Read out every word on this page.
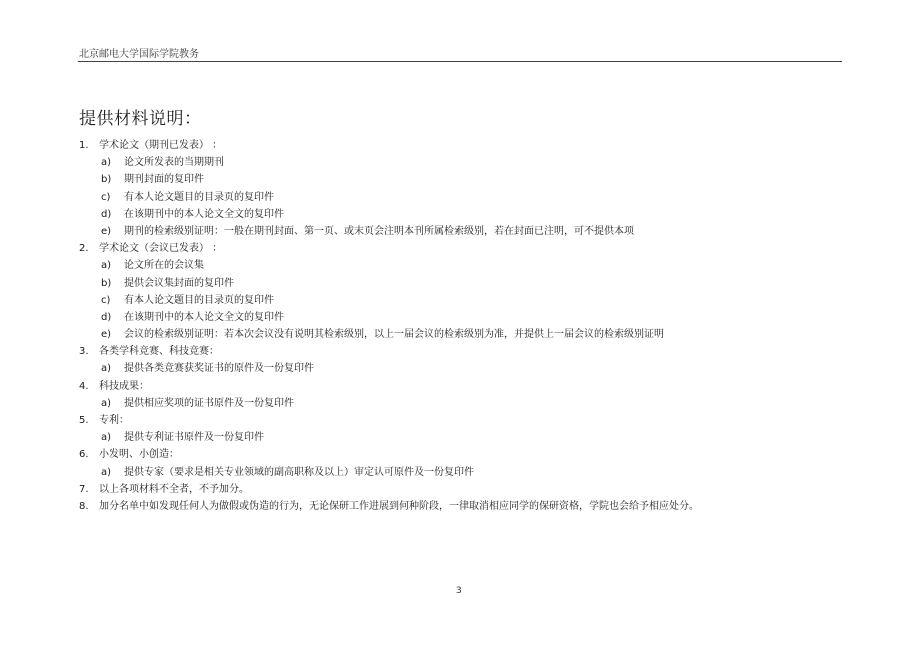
北京邮电大学国际学院教务
提供材料说明：
1. 学术论文（期刊已发表） ：
a) 论文所发表的当期期刊
b) 期刊封面的复印件
c) 有本人论文题目的目录页的复印件
d) 在该期刊中的本人论文全文的复印件
e) 期刊的检索级别证明：一般在期刊封面、第一页、或末页会注明本刊所属检索级别，若在封面已注明，可不提供本项
2. 学术论文（会议已发表） ：
a) 论文所在的会议集
b) 提供会议集封面的复印件
c) 有本人论文题目的目录页的复印件
d) 在该期刊中的本人论文全文的复印件
e) 会议的检索级别证明：若本次会议没有说明其检索级别，以上一届会议的检索级别为准，并提供上一届会议的检索级别证明
3. 各类学科竞赛、科技竞赛：
a) 提供各类竞赛获奖证书的原件及一份复印件
4. 科技成果：
a) 提供相应奖项的证书原件及一份复印件
5. 专利：
a) 提供专利证书原件及一份复印件
6. 小发明、小创造：
a) 提供专家（要求是相关专业领域的副高职称及以上）审定认可原件及一份复印件
7. 以上各项材料不全者，不予加分。
8. 加分名单中如发现任何人为做假或伪造的行为，无论保研工作进展到何种阶段，一律取消相应同学的保研资格，学院也会给予相应处分。
3
